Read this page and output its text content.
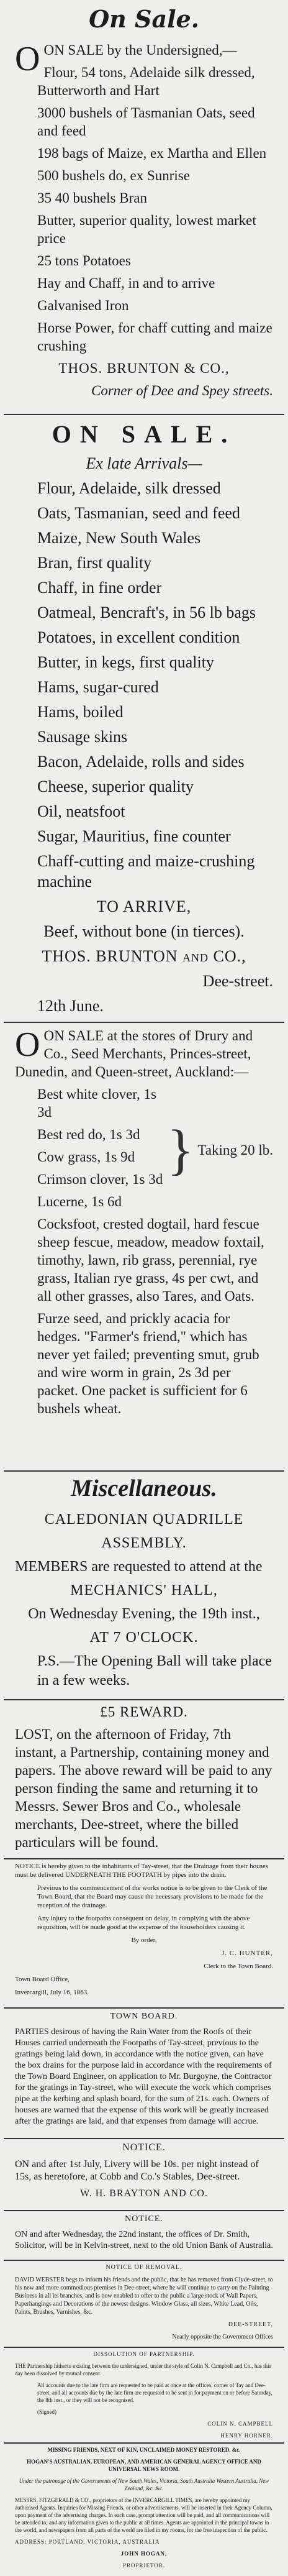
On Sale.

OON SALE by the Undersigned,—

Flour, 54 tons, Adelaide silk dressed, Butterworth and Hart

3000 bushels of Tasmanian Oats, seed and feed

198 bags of Maize, ex Martha and Ellen

500 bushels do, ex Sunrise

35 40 bushels Bran

Butter, superior quality, lowest market price

25 tons Potatoes

Hay and Chaff, in and to arrive

Galvanised Iron

Horse Power, for chaff cutting and maize crushing

THOS. BRUNTON & CO.,

Corner of Dee and Spey streets.

ON SALE.

Ex late Arrivals—

Flour, Adelaide, silk dressed

Oats, Tasmanian, seed and feed

Maize, New South Wales

Bran, first quality

Chaff, in fine order

Oatmeal, Bencraft's, in 56 lb bags

Potatoes, in excellent condition

Butter, in kegs, first quality

Hams, sugar-cured

Hams, boiled

Sausage skins

Bacon, Adelaide, rolls and sides

Cheese, superior quality

Oil, neatsfoot

Sugar, Mauritius, fine counter

Chaff-cutting and maize-crushing machine

TO ARRIVE,

Beef, without bone (in tierces).

THOS. BRUNTON and CO.,

Dee-street.

12th June.

OON SALE at the stores of Drury and Co., Seed Merchants, Princes-street, Dunedin, and Queen-street, Auckland:—

Best white clover, 1s 3d

Best red do, 1s 3d

Cow grass, 1s 9d

Crimson clover, 1s 3d

Lucerne, 1s 6d

} Taking 20 lb.

Cocksfoot, crested dogtail, hard fescue sheep fescue, meadow, meadow foxtail, timothy, lawn, rib grass, perennial, rye grass, Italian rye grass, 4s per cwt, and all other grasses, also Tares, and Oats.

Furze seed, and prickly acacia for hedges. "Farmer's friend," which has never yet failed; preventing smut, grub and wire worm in grain, 2s 3d per packet. One packet is sufficient for 6 bushels wheat.

Miscellaneous.

CALEDONIAN QUADRILLE

ASSEMBLY.

MEMBERS are requested to attend at the

MECHANICS' HALL,

On Wednesday Evening, the 19th inst.,

AT 7 O'CLOCK.

P.S.—The Opening Ball will take place in a few weeks.

£5 REWARD.

LOST, on the afternoon of Friday, 7th instant, a Partnership, containing money and papers. The above reward will be paid to any person finding the same and returning it to Messrs. Sewer Bros and Co., wholesale merchants, Dee-street, where the billed particulars will be found.

NOTICE is hereby given to the inhabitants of Tay-street, that the Drainage from their houses must be delivered UNDERNEATH THE FOOTPATH by pipes into the drain.

Previous to the commencement of the works notice is to be given to the Clerk of the Town Board, that the Board may cause the necessary provisions to be made for the reception of the drainage.

Any injury to the footpaths consequent on delay, in complying with the above requisition, will be made good at the expense of the householders causing it.

By order,

J. C. HUNTER,

Clerk to the Town Board.

Town Board Office,

Invercargill, July 16, 1863.

TOWN BOARD.

PARTIES desirous of having the Rain Water from the Roofs of their Houses carried underneath the Footpaths of Tay-street, previous to the gratings being laid down, in accordance with the notice given, can have the box drains for the purpose laid in accordance with the requirements of the Town Board Engineer, on application to Mr. Burgoyne, the Contractor for the gratings in Tay-street, who will execute the work which comprises pipe at the kerbing and splash board, for the sum of 21s. each. Owners of houses are warned that the expense of this work will be greatly increased after the gratings are laid, and that expenses from damage will accrue.

NOTICE.

ON and after 1st July, Livery will be 10s. per night instead of 15s, as heretofore, at Cobb and Co.'s Stables, Dee-street.

W. H. BRAYTON AND CO.

NOTICE.

ON and after Wednesday, the 22nd instant, the offices of Dr. Smith, Solicitor, will be in Kelvin-street, next to the old Union Bank of Australia.

NOTICE OF REMOVAL.

DAVID WEBSTER begs to inform his friends and the public, that he has removed from Clyde-street, to his new and more commodious premises in Dee-street, where he will continue to carry on the Painting Business in all its branches, and is now enabled to offer to the public a large stock of Wall Papers, Paperhangings and Decorations of the newest designs. Window Glass, all sizes, White Lead, Oils, Paints, Brushes, Varnishes, &c.

DEE-STREET,

Nearly opposite the Government Offices

DISSOLUTION OF PARTNERSHIP.

THE Partnership hitherto existing between the undersigned, under the style of Colin N. Campbell and Co., has this day been dissolved by mutual consent.

All accounts due to the late firm are requested to be paid at once at the offices, corner of Tay and Dee-street, and all accounts due by the late firm are requested to be sent in for payment on or before Saturday, the 8th inst., or they will not be recognised.

(Signed)

COLIN N. CAMPBELL

HENRY HORNER.

MISSING FRIENDS, NEXT OF KIN, UNCLAIMED MONEY RESTORED, &c.

HOGAN'S AUSTRALIAN, EUROPEAN, AND AMERICAN GENERAL AGENCY OFFICE AND UNIVERSAL NEWS ROOM.

Under the patronage of the Governments of New South Wales, Victoria, South Australia Western Australia, New Zealand, &c. &c.

MESSRS. FITZGERALD & CO., proprietors of the INVERCARGILL TIMES, are hereby appointed my authorised Agents. Inquiries for Missing Friends, or other advertisements, will be inserted in their Agency Column, upon payment of the advertising charges. In each case, prompt attention will be paid, and all communications will be attended to, and any information given to the public at all times. Agents are appointed in the principal towns in the world, and newspapers from all parts of the world are filed in my rooms, for the free inspection of the public.

ADDRESS: PORTLAND, VICTORIA, AUSTRALIA

JOHN HOGAN,

PROPRIETOR.
